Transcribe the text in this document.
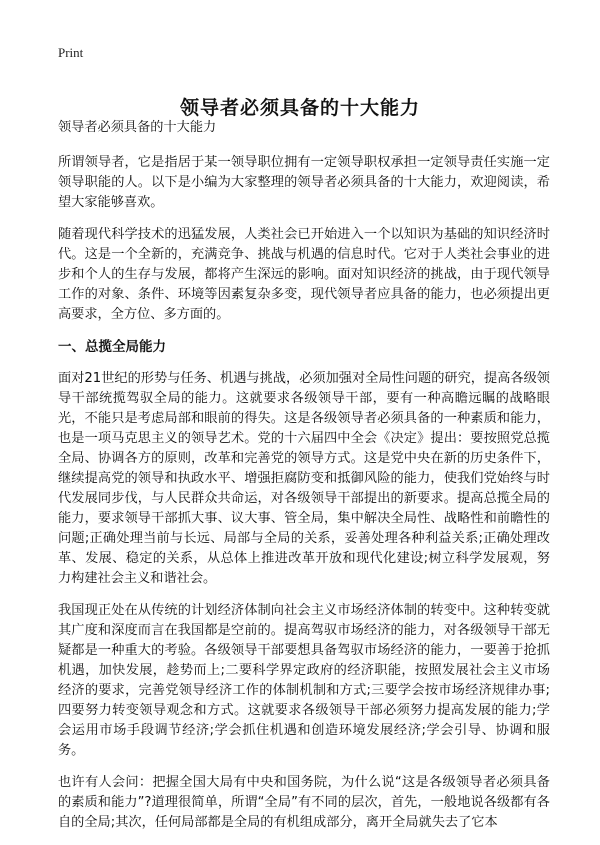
Print
领导者必须具备的十大能力

领导者必须具备的十大能力

所谓领导者，它是指居于某一领导职位拥有一定领导职权承担一定领导责任实施一定领导职能的人。以下是小编为大家整理的领导者必须具备的十大能力，欢迎阅读，希望大家能够喜欢。

随着现代科学技术的迅猛发展，人类社会已开始进入一个以知识为基础的知识经济时代。这是一个全新的，充满竞争、挑战与机遇的信息时代。它对于人类社会事业的进步和个人的生存与发展，都将产生深远的影响。面对知识经济的挑战，由于现代领导工作的对象、条件、环境等因素复杂多变，现代领导者应具备的能力，也必须提出更高要求，全方位、多方面的。

一、总揽全局能力

面对21世纪的形势与任务、机遇与挑战，必须加强对全局性问题的研究，提高各级领导干部统揽驾驭全局的能力。这就要求各级领导干部，要有一种高瞻远瞩的战略眼光，不能只是考虑局部和眼前的得失。这是各级领导者必须具备的一种素质和能力，也是一项马克思主义的领导艺术。党的十六届四中全会《决定》提出：要按照党总揽全局、协调各方的原则，改革和完善党的领导方式。这是党中央在新的历史条件下，继续提高党的领导和执政水平、增强拒腐防变和抵御风险的能力，使我们党始终与时代发展同步伐，与人民群众共命运，对各级领导干部提出的新要求。提高总揽全局的能力，要求领导干部抓大事、议大事、管全局，集中解决全局性、战略性和前瞻性的问题;正确处理当前与长远、局部与全局的关系，妥善处理各种利益关系;正确处理改革、发展、稳定的关系，从总体上推进改革开放和现代化建设;树立科学发展观，努力构建社会主义和谐社会。

我国现正处在从传统的计划经济体制向社会主义市场经济体制的转变中。这种转变就其广度和深度而言在我国都是空前的。提高驾驭市场经济的能力，对各级领导干部无疑都是一种重大的考验。各级领导干部要想具备驾驭市场经济的能力，一要善于抢抓机遇，加快发展，趁势而上;二要科学界定政府的经济职能，按照发展社会主义市场经济的要求，完善党领导经济工作的体制机制和方式;三要学会按市场经济规律办事;四要努力转变领导观念和方式。这就要求各级领导干部必须努力提高发展的能力;学会运用市场手段调节经济;学会抓住机遇和创造环境发展经济;学会引导、协调和服务。

也许有人会问：把握全国大局有中央和国务院，为什么说“这是各级领导者必须具备的素质和能力”?道理很简单，所谓“全局”有不同的层次，首先，一般地说各级都有各自的全局;其次，任何局部都是全局的有机组成部分，离开全局就失去了它本
